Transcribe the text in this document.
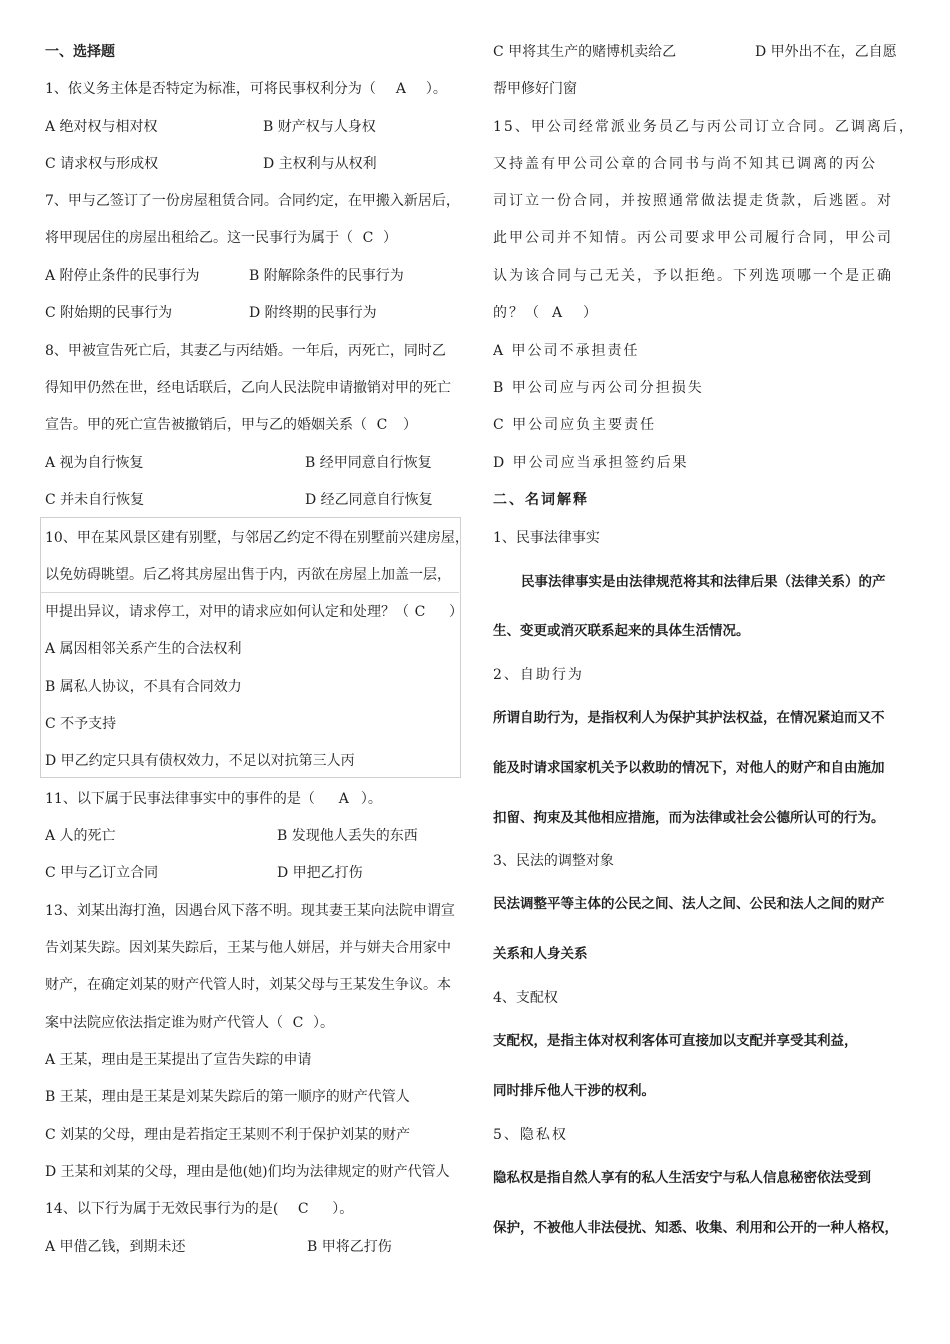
一、选择题
1、依义务主体是否特定为标准，可将民事权利分为（ A ）。
A 绝对权与相对权	B 财产权与人身权
C 请求权与形成权	D 主权利与从权利
7、甲与乙签订了一份房屋租赁合同。合同约定，在甲搬入新居后，
将甲现居住的房屋出租给乙。这一民事行为属于（ C ）
A 附停止条件的民事行为	B 附解除条件的民事行为
C 附始期的民事行为	D 附终期的民事行为
8、甲被宣告死亡后，其妻乙与丙结婚。一年后，丙死亡，同时乙
得知甲仍然在世，经电话联后，乙向人民法院申请撤销对甲的死亡
宣告。甲的死亡宣告被撤销后，甲与乙的婚姻关系（ C ）
A 视为自行恢复	B 经甲同意自行恢复
C 并未自行恢复	D 经乙同意自行恢复
10、甲在某风景区建有别墅，与邻居乙约定不得在别墅前兴建房屋，
以免妨碍眺望。后乙将其房屋出售于内，丙欲在房屋上加盖一层，
甲提出异议，请求停工，对甲的请求应如何认定和处理？（ C ）
A 属因相邻关系产生的合法权利
B 属私人协议，不具有合同效力
C 不予支持
D 甲乙约定只具有债权效力，不足以对抗第三人丙
11、以下属于民事法律事实中的事件的是（ A ）。
A 人的死亡	B 发现他人丢失的东西
C 甲与乙订立合同	D 甲把乙打伤
13、刘某出海打渔，因遇台风下落不明。现其妻王某向法院申谓宣
告刘某失踪。因刘某失踪后，王某与他人姘居，并与姘夫合用家中
财产，在确定刘某的财产代管人时，刘某父母与王某发生争议。本
案中法院应依法指定谁为财产代管人（ C ）。
A 王某，理由是王某提出了宣告失踪的申请
B 王某，理由是王某是刘某失踪后的第一顺序的财产代管人
C 刘某的父母，理由是若指定王某则不利于保护刘某的财产
D 王某和刘某的父母，理由是他(她)们均为法律规定的财产代管人
14、以下行为属于无效民事行为的是( C ）。
A 甲借乙钱，到期未还	B 甲将乙打伤
C 甲将其生产的赌博机卖给乙	D 甲外出不在，乙自愿
帮甲修好门窗
15、甲公司经常派业务员乙与丙公司订立合同。乙调离后，
又持盖有甲公司公章的合同书与尚不知其已调离的丙公
司订立一份合同，并按照通常做法提走货款，后逃匿。对
此甲公司并不知情。丙公司要求甲公司履行合同，甲公司
认为该合同与己无关，予以拒绝。下列选项哪一个是正确
的？（ A ）
A 甲公司不承担责任
B 甲公司应与丙公司分担损失
C 甲公司应负主要责任
D 甲公司应当承担签约后果
二、名词解释
1、民事法律事实
民事法律事实是由法律规范将其和法律后果（法律关系）的产
生、变更或消灭联系起来的具体生活情况。
2、自助行为
所谓自助行为，是指权利人为保护其护法权益，在情况紧迫而又不
能及时请求国家机关予以救助的情况下，对他人的财产和自由施加
扣留、拘束及其他相应措施，而为法律或社会公德所认可的行为。
3、民法的调整对象
民法调整平等主体的公民之间、法人之间、公民和法人之间的财产
关系和人身关系
4、支配权
支配权，是指主体对权利客体可直接加以支配并享受其利益，
同时排斥他人干涉的权利。
5、隐私权
隐私权是指自然人享有的私人生活安宁与私人信息秘密依法受到
保护，不被他人非法侵扰、知悉、收集、利用和公开的一种人格权，
